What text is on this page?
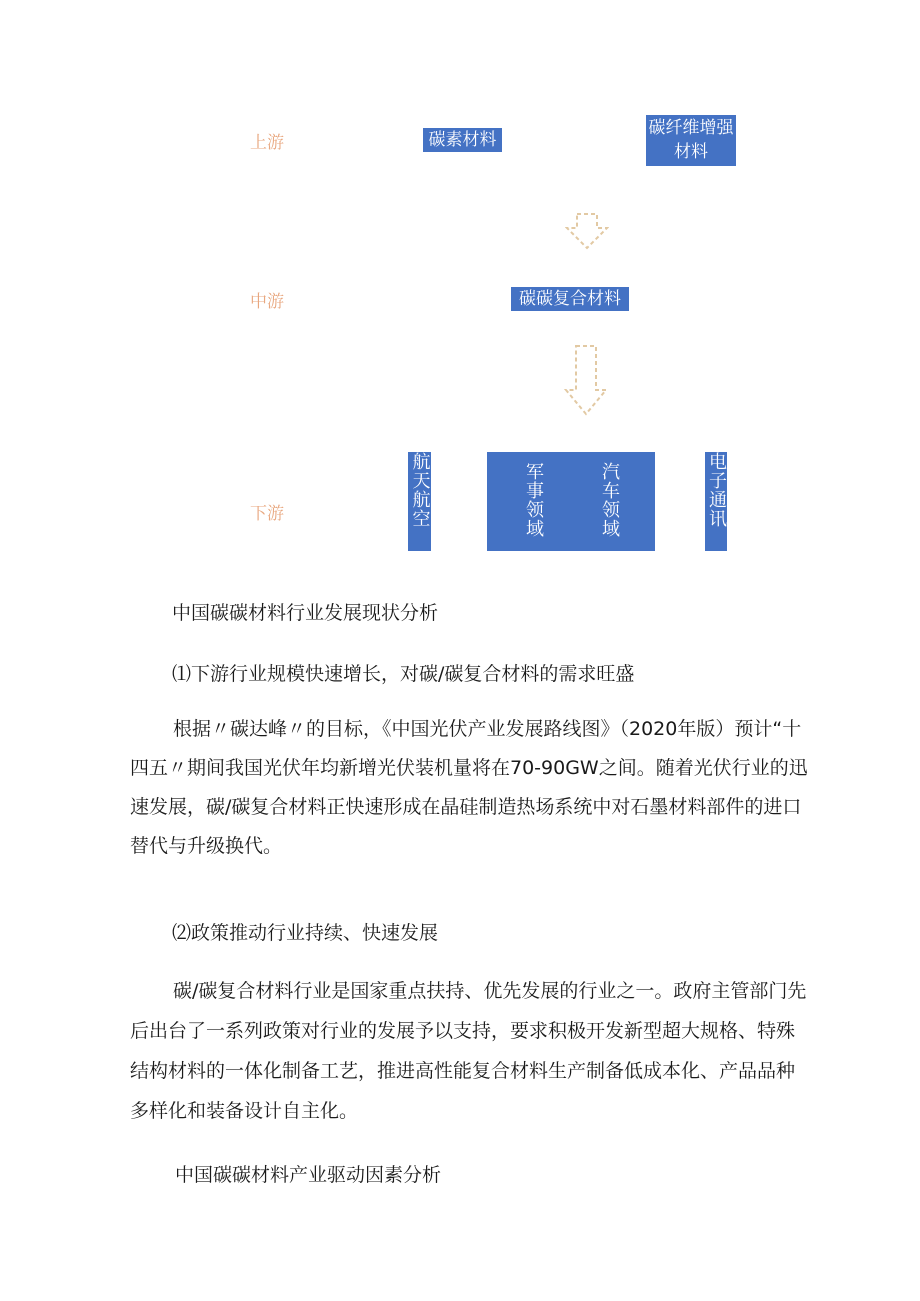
上游
中游
下游
碳素材料
碳纤维增强材料
碳碳复合材料
航天航空	军事领域	汽车领域	电子通讯

中国碳碳材料行业发展现状分析

⑴下游行业规模快速增长，对碳/碳复合材料的需求旺盛

根据〃碳达峰〃的目标，《中国光伏产业发展路线图》（2020年版）预计“十四五〃期间我国光伏年均新增光伏装机量将在70-90GW之间。随着光伏行业的迅速发展，碳/碳复合材料正快速形成在晶硅制造热场系统中对石墨材料部件的进口替代与升级换代。

⑵政策推动行业持续、快速发展

碳/碳复合材料行业是国家重点扶持、优先发展的行业之一。政府主管部门先后出台了一系列政策对行业的发展予以支持，要求积极开发新型超大规格、特殊结构材料的一体化制备工艺，推进高性能复合材料生产制备低成本化、产品品种多样化和装备设计自主化。

中国碳碳材料产业驱动因素分析
